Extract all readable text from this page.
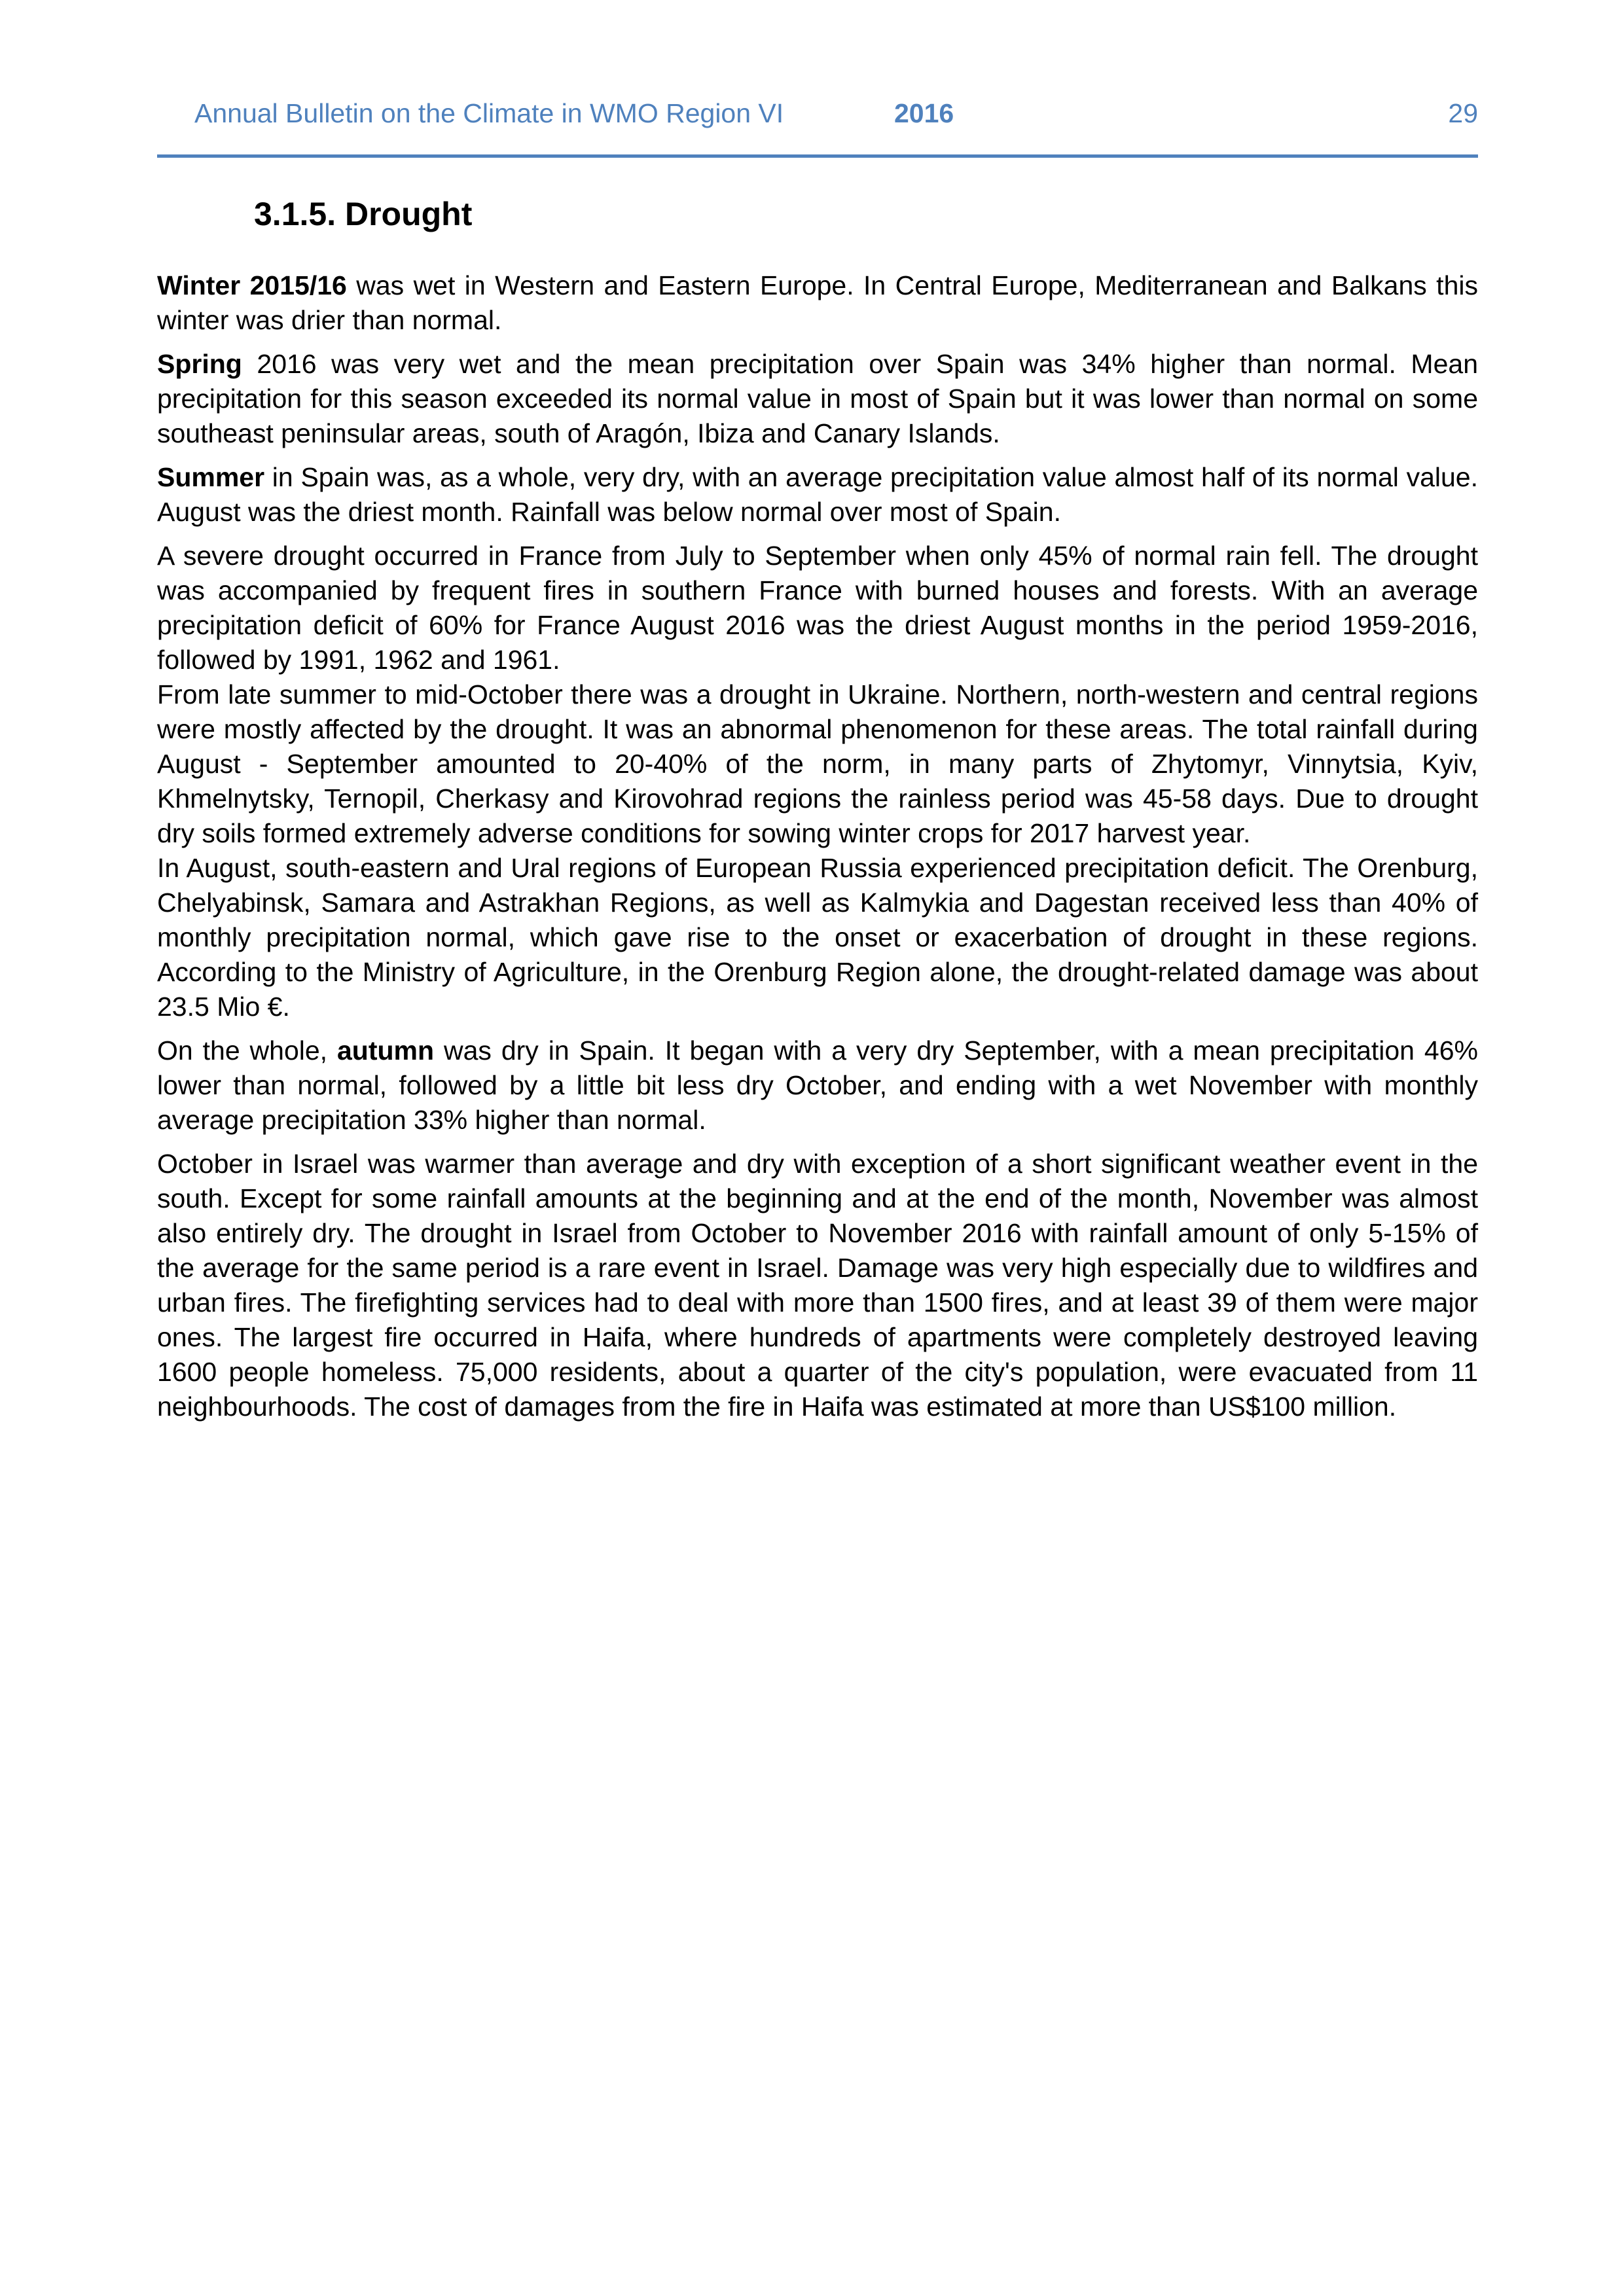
Annual Bulletin on the Climate in WMO Region VI	2016	29
3.1.5. Drought

Winter 2015/16 was wet in Western and Eastern Europe. In Central Europe, Mediterranean and Balkans this winter was drier than normal.

Spring 2016 was very wet and the mean precipitation over Spain was 34% higher than normal. Mean precipitation for this season exceeded its normal value in most of Spain but it was lower than normal on some southeast peninsular areas, south of Aragón, Ibiza and Canary Islands.

Summer in Spain was, as a whole, very dry, with an average precipitation value almost half of its normal value. August was the driest month. Rainfall was below normal over most of Spain.

A severe drought occurred in France from July to September when only 45% of normal rain fell. The drought was accompanied by frequent fires in southern France with burned houses and forests. With an average precipitation deficit of 60% for France August 2016 was the driest August months in the period 1959-2016, followed by 1991, 1962 and 1961.

From late summer to mid-October there was a drought in Ukraine. Northern, north-western and central regions were mostly affected by the drought. It was an abnormal phenomenon for these areas. The total rainfall during August - September amounted to 20-40% of the norm, in many parts of Zhytomyr, Vinnytsia, Kyiv, Khmelnytsky, Ternopil, Cherkasy and Kirovohrad regions the rainless period was 45-58 days. Due to drought dry soils formed extremely adverse conditions for sowing winter crops for 2017 harvest year.

In August, south-eastern and Ural regions of European Russia experienced precipitation deficit. The Orenburg, Chelyabinsk, Samara and Astrakhan Regions, as well as Kalmykia and Dagestan received less than 40% of monthly precipitation normal, which gave rise to the onset or exacerbation of drought in these regions. According to the Ministry of Agriculture, in the Orenburg Region alone, the drought-related damage was about 23.5 Mio €.

On the whole, autumn was dry in Spain. It began with a very dry September, with a mean precipitation 46% lower than normal, followed by a little bit less dry October, and ending with a wet November with monthly average precipitation 33% higher than normal.

October in Israel was warmer than average and dry with exception of a short significant weather event in the south. Except for some rainfall amounts at the beginning and at the end of the month, November was almost also entirely dry. The drought in Israel from October to November 2016 with rainfall amount of only 5-15% of the average for the same period is a rare event in Israel. Damage was very high especially due to wildfires and urban fires. The firefighting services had to deal with more than 1500 fires, and at least 39 of them were major ones. The largest fire occurred in Haifa, where hundreds of apartments were completely destroyed leaving 1600 people homeless. 75,000 residents, about a quarter of the city's population, were evacuated from 11 neighbourhoods. The cost of damages from the fire in Haifa was estimated at more than US$100 million.
